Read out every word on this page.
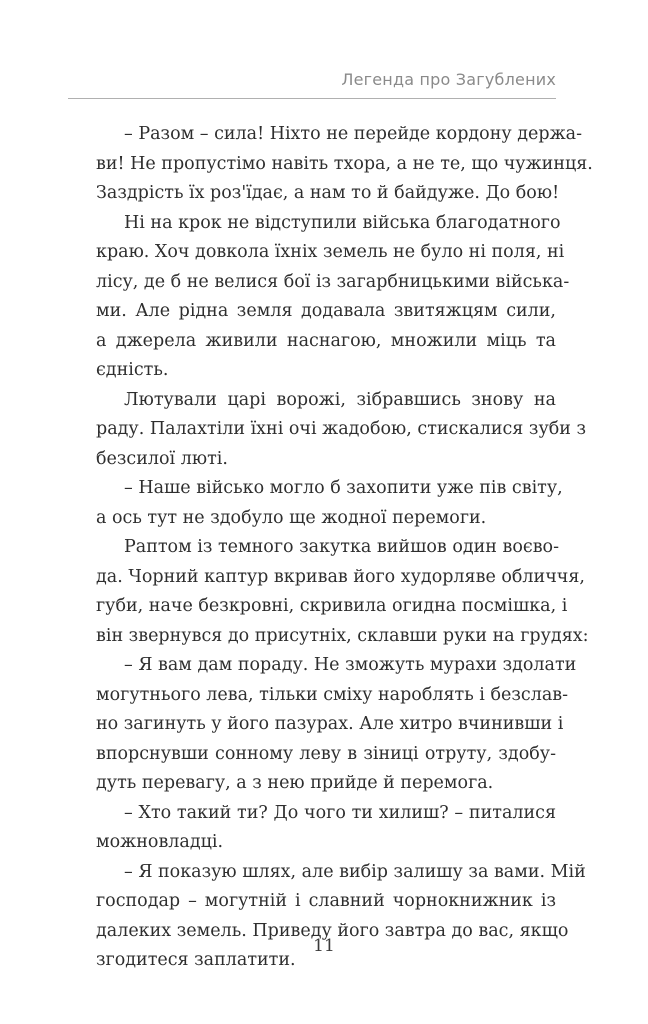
Легенда про Загублених

– Разом – сила! Ніхто не перейде кордону держа-
ви! Не пропустімо навіть тхора, а не те, що чужинця.
Заздрість їх роз'їдає, а нам то й байдуже. До бою!

Ні на крок не відступили війська благодатного
краю. Хоч довкола їхніх земель не було ні поля, ні
лісу, де б не велися бої із загарбницькими військa-
ми. Але рідна земля додавала звитяжцям сили,
а джерела живили наснагою, множили міць та
єдність.

Лютували царі ворожі, зібравшись знову на
раду. Палахтіли їхні очі жадобою, стискалися зуби з
безсилої люті.

– Наше військо могло б захопити уже пів світу,
а ось тут не здобуло ще жодної перемоги.

Раптом із темного закутка вийшов один воєво-
да. Чорний каптур вкривав його худорляве обличчя,
губи, наче безкровні, скривила огидна посмішка, і
він звернувся до присутніх, склавши руки на грудях:

– Я вам дам пораду. Не зможуть мурахи здолати
могутнього лева, тільки сміху нароблять і безслав-
но загинуть у його пазурах. Але хитро вчинивши і
впорснувши сонному леву в зіниці отруту, здобу-
дуть перевагу, а з нею прийде й перемога.

– Хто такий ти? До чого ти хилиш? – питалися
можновладці.

– Я показую шлях, але вибір залишу за вами. Мій
господар – могутній і славний чорнокнижник із
далеких земель. Приведу його завтра до вас, якщо
згодитеся заплатити.

11
